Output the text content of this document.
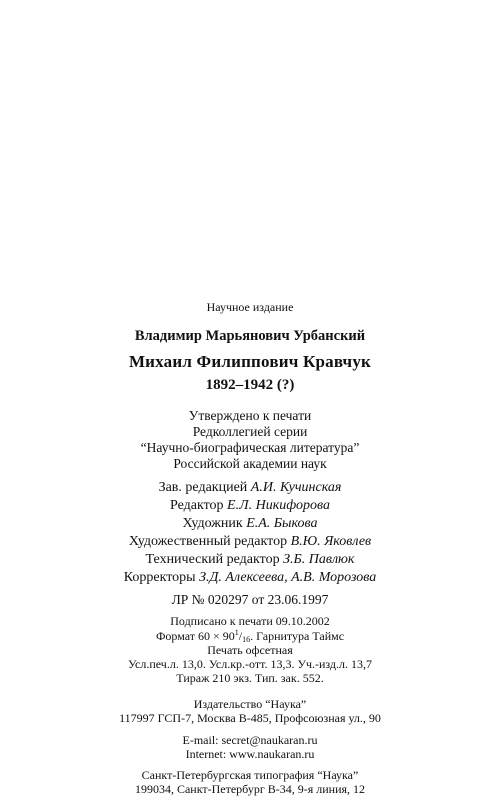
Научное издание
Владимир Марьянович Урбанский
Михаил Филиппович Кравчук
1892–1942 (?)
Утверждено к печати
Редколлегией серии
“Научно-биографическая литература”
Российской академии наук
Зав. редакцией А.И. Кучинская
Редактор Е.Л. Никифорова
Художник Е.А. Быкова
Художественный редактор В.Ю. Яковлев
Технический редактор З.Б. Павлюк
Корректоры З.Д. Алексеева, А.В. Морозова
ЛР № 020297 от 23.06.1997
Подписано к печати 09.10.2002
Формат $60 \times 90^1/_{16}$. Гарнитура Таймс
Печать офсетная
Усл.печ.л. 13,0. Усл.кр.-отт. 13,3. Уч.-изд.л. 13,7
Тираж 210 экз. Тип. зак. 552.
Издательство “Наука”
117997 ГСП-7, Москва В-485, Профсоюзная ул., 90
E-mail: secret@naukaran.ru
Internet: www.naukaran.ru
Санкт-Петербургская типография “Наука”
199034, Санкт-Петербург В-34, 9-я линия, 12
